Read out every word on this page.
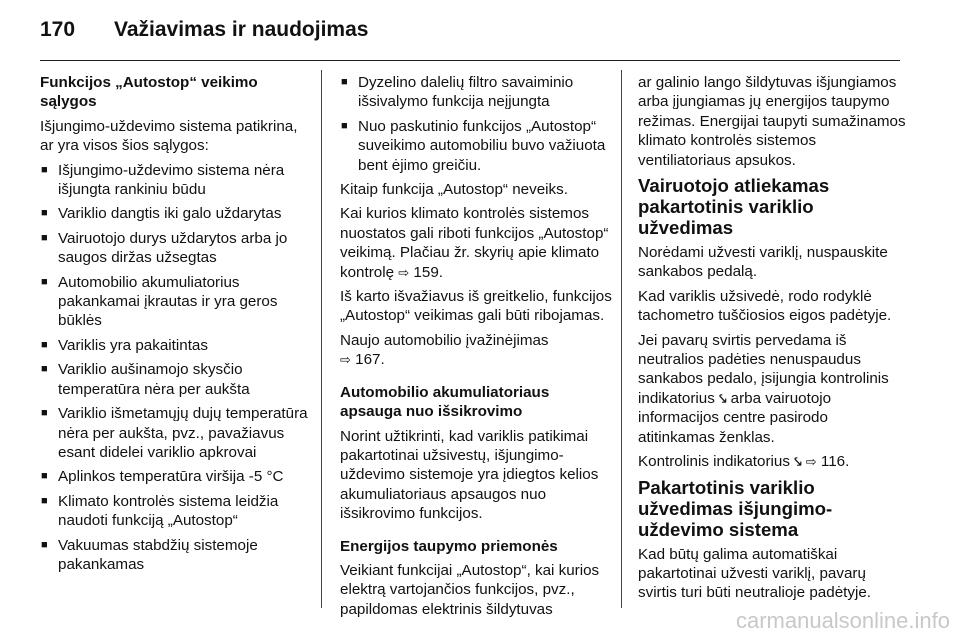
170 Važiavimas ir naudojimas

Funkcijos „Autostop“ veikimo sąlygos

Išjungimo-uždevimo sistema patikrina, ar yra visos šios sąlygos:

■ Išjungimo-uždevimo sistema nėra išjungta rankiniu būdu
■ Variklio dangtis iki galo uždarytas
■ Vairuotojo durys uždarytos arba jo saugos diržas užsegtas
■ Automobilio akumuliatorius pakankamai įkrautas ir yra geros būklės
■ Variklis yra pakaitintas
■ Variklio aušinamojo skysčio temperatūra nėra per aukšta
■ Variklio išmetamųjų dujų temperatūra nėra per aukšta, pvz., pavažiavus esant didelei variklio apkrovai
■ Aplinkos temperatūra viršija -5 °C
■ Klimato kontrolės sistema leidžia naudoti funkciją „Autostop“
■ Vakuumas stabdžių sistemoje pakankamas
■ Dyzelino dalelių filtro savaiminio išsivalymo funkcija neįjungta
■ Nuo paskutinio funkcijos „Autostop“ suveikimo automobiliu buvo važiuota bent ėjimo greičiu.

Kitaip funkcija „Autostop“ neveiks.

Kai kurios klimato kontrolės sistemos nuostatos gali riboti funkcijos „Autostop“ veikimą. Plačiau žr. skyrių apie klimato kontrolę ⇨ 159.

Iš karto išvažiavus iš greitkelio, funkcijos „Autostop“ veikimas gali būti ribojamas.

Naujo automobilio įvažinėjimas
⇨ 167.

Automobilio akumuliatoriaus apsauga nuo išsikrovimo

Norint užtikrinti, kad variklis patikimai pakartotinai užsivestų, išjungimo-uždevimo sistemoje yra įdiegtos kelios akumuliatoriaus apsaugos nuo išsikrovimo funkcijos.

Energijos taupymo priemonės

Veikiant funkcijai „Autostop“, kai kurios elektrą vartojančios funkcijos, pvz., papildomas elektrinis šildytuvas

ar galinio lango šildytuvas išjungiamos arba įjungiamas jų energijos taupymo režimas. Energijai taupyti sumažinamos klimato kontrolės sistemos ventiliatoriaus apsukos.

Vairuotojo atliekamas pakartotinis variklio užvedimas

Norėdami užvesti variklį, nuspauskite sankabos pedalą.

Kad variklis užsivedė, rodo rodyklė tachometro tuščiosios eigos padėtyje.

Jei pavarų svirtis pervedama iš neutralios padėties nenuspaudus sankabos pedalo, įsijungia kontrolinis indikatorius ⤥ arba vairuotojo informacijos centre pasirodo atitinkamas ženklas.

Kontrolinis indikatorius ⤥ ⇨ 116.

Pakartotinis variklio užvedimas išjungimo-uždevimo sistema

Kad būtų galima automatiškai pakartotinai užvesti variklį, pavarų svirtis turi būti neutralioje padėtyje.

carmanualsonline.info
